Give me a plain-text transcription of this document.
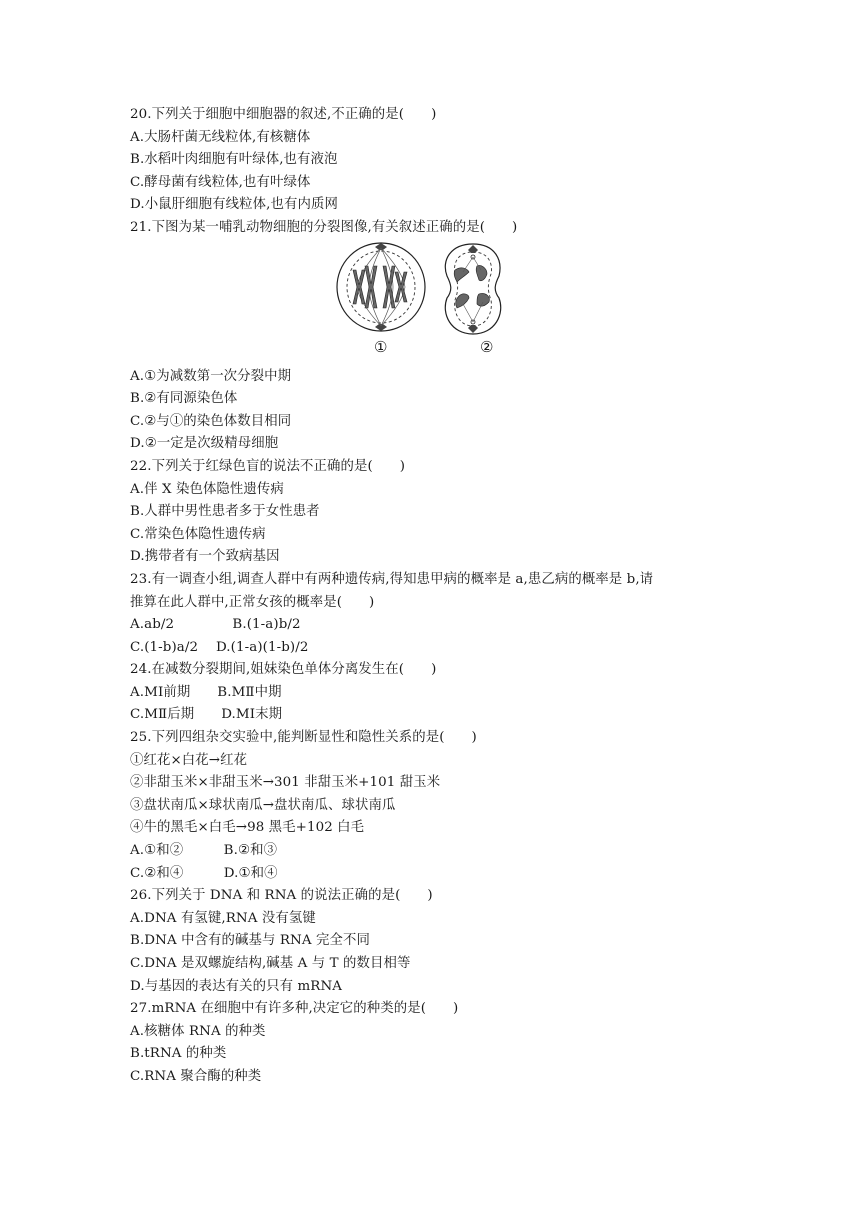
20.下列关于细胞中细胞器的叙述,不正确的是(　　)
A.大肠杆菌无线粒体,有核糖体
B.水稻叶肉细胞有叶绿体,也有液泡
C.酵母菌有线粒体,也有叶绿体
D.小鼠肝细胞有线粒体,也有内质网
21.下图为某一哺乳动物细胞的分裂图像,有关叙述正确的是(　　)
①	②
A.①为减数第一次分裂中期
B.②有同源染色体
C.②与①的染色体数目相同
D.②一定是次级精母细胞
22.下列关于红绿色盲的说法不正确的是(　　)
A.伴 X 染色体隐性遗传病
B.人群中男性患者多于女性患者
C.常染色体隐性遗传病
D.携带者有一个致病基因
23.有一调查小组,调查人群中有两种遗传病,得知患甲病的概率是 a,患乙病的概率是 b,请
推算在此人群中,正常女孩的概率是(　　)
A.ab/2　　　　 B.(1-a)b/2
C.(1-b)a/2　 D.(1-a)(1-b)/2
24.在减数分裂期间,姐妹染色单体分离发生在(　　)
A.MⅠ前期　　B.MⅡ中期
C.MⅡ后期　　D.MⅠ末期
25.下列四组杂交实验中,能判断显性和隐性关系的是(　　)
①红花×白花→红花
②非甜玉米×非甜玉米→301 非甜玉米+101 甜玉米
③盘状南瓜×球状南瓜→盘状南瓜、球状南瓜
④牛的黑毛×白毛→98 黑毛+102 白毛
A.①和②　　　B.②和③
C.②和④　　　D.①和④
26.下列关于 DNA 和 RNA 的说法正确的是(　　)
A.DNA 有氢键,RNA 没有氢键
B.DNA 中含有的碱基与 RNA 完全不同
C.DNA 是双螺旋结构,碱基 A 与 T 的数目相等
D.与基因的表达有关的只有 mRNA
27.mRNA 在细胞中有许多种,决定它的种类的是(　　)
A.核糖体 RNA 的种类
B.tRNA 的种类
C.RNA 聚合酶的种类
